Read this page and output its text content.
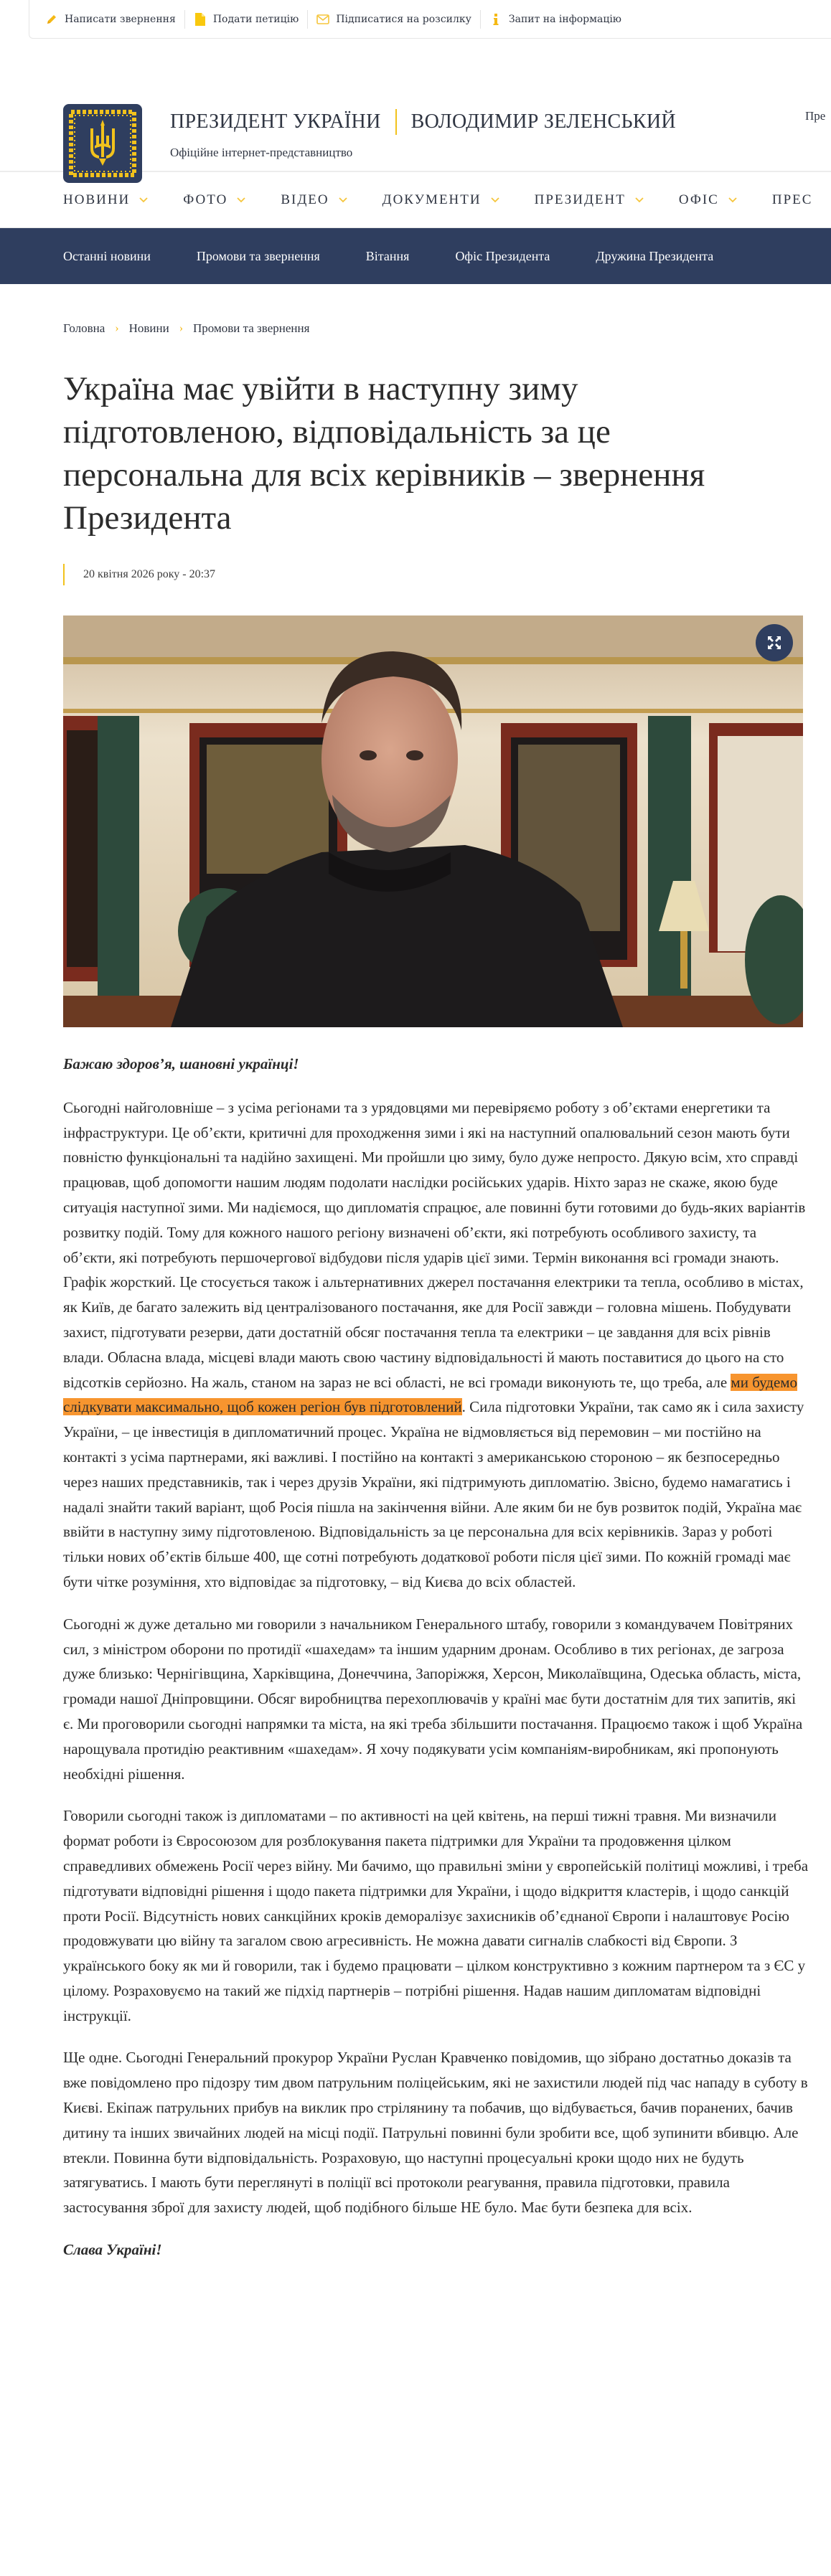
Написати звернення	Подати петицію	Підписатися на розсилку	Запит на інформацію
ПРЕЗИДЕНТ УКРАЇНИ ВОЛОДИМИР ЗЕЛЕНСЬКИЙ
Офіційне інтернет-представництво
Пре
НОВИНИ	ФОТО	ВІДЕО	ДОКУМЕНТИ	ПРЕЗИДЕНТ	ОФІС	ПРЕС
Останні новини	Промови та звернення	Вітання	Офіс Президента	Дружина Президента
Головна › Новини › Промови та звернення
Україна має увійти в наступну зиму підготовленою, відповідальність за це персональна для всіх керівників – звернення Президента
20 квітня 2026 року - 20:37

Бажаю здоров’я, шановні українці!

Сьогодні найголовніше – з усіма регіонами та з урядовцями ми перевіряємо роботу з об’єктами енергетики та інфраструктури. Це об’єкти, критичні для проходження зими і які на наступний опалювальний сезон мають бути повністю функціональні та надійно захищені. Ми пройшли цю зиму, було дуже непросто. Дякую всім, хто справді працював, щоб допомогти нашим людям подолати наслідки російських ударів. Ніхто зараз не скаже, якою буде ситуація наступної зими. Ми надіємося, що дипломатія спрацює, але повинні бути готовими до будь-яких варіантів розвитку подій. Тому для кожного нашого регіону визначені об’єкти, які потребують особливого захисту, та об’єкти, які потребують першочергової відбудови після ударів цієї зими. Термін виконання всі громади знають. Графік жорсткий. Це стосується також і альтернативних джерел постачання електрики та тепла, особливо в містах, як Київ, де багато залежить від централізованого постачання, яке для Росії завжди – головна мішень. Побудувати захист, підготувати резерви, дати достатній обсяг постачання тепла та електрики – це завдання для всіх рівнів влади. Обласна влада, місцеві влади мають свою частину відповідальності й мають поставитися до цього на сто відсотків серйозно. На жаль, станом на зараз не всі області, не всі громади виконують те, що треба, але ми будемо слідкувати максимально, щоб кожен регіон був підготовлений. Сила підготовки України, так само як і сила захисту України, – це інвестиція в дипломатичний процес. Україна не відмовляється від перемовин – ми постійно на контакті з усіма партнерами, які важливі. І постійно на контакті з американською стороною – як безпосередньо через наших представників, так і через друзів України, які підтримують дипломатію. Звісно, будемо намагатись і надалі знайти такий варіант, щоб Росія пішла на закінчення війни. Але яким би не був розвиток подій, Україна має ввійти в наступну зиму підготовленою. Відповідальність за це персональна для всіх керівників. Зараз у роботі тільки нових об’єктів більше 400, ще сотні потребують додаткової роботи після цієї зими. По кожній громаді має бути чітке розуміння, хто відповідає за підготовку, – від Києва до всіх областей.

Сьогодні ж дуже детально ми говорили з начальником Генерального штабу, говорили з командувачем Повітряних сил, з міністром оборони по протидії «шахедам» та іншим ударним дронам. Особливо в тих регіонах, де загроза дуже близько: Чернігівщина, Харківщина, Донеччина, Запоріжжя, Херсон, Миколаївщина, Одеська область, міста, громади нашої Дніпровщини. Обсяг виробництва перехоплювачів у країні має бути достатнім для тих запитів, які є. Ми проговорили сьогодні напрямки та міста, на які треба збільшити постачання. Працюємо також і щоб Україна нарощувала протидію реактивним «шахедам». Я хочу подякувати усім компаніям-виробникам, які пропонують необхідні рішення.

Говорили сьогодні також із дипломатами – по активності на цей квітень, на перші тижні травня. Ми визначили формат роботи із Євросоюзом для розблокування пакета підтримки для України та продовження цілком справедливих обмежень Росії через війну. Ми бачимо, що правильні зміни у європейській політиці можливі, і треба підготувати відповідні рішення і щодо пакета підтримки для України, і щодо відкриття кластерів, і щодо санкцій проти Росії. Відсутність нових санкційних кроків деморалізує захисників об’єднаної Європи і налаштовує Росію продовжувати цю війну та загалом свою агресивність. Не можна давати сигналів слабкості від Європи. З українського боку як ми й говорили, так і будемо працювати – цілком конструктивно з кожним партнером та з ЄС у цілому. Розраховуємо на такий же підхід партнерів – потрібні рішення. Надав нашим дипломатам відповідні інструкції.

Ще одне. Сьогодні Генеральний прокурор України Руслан Кравченко повідомив, що зібрано достатньо доказів та вже повідомлено про підозру тим двом патрульним поліцейським, які не захистили людей під час нападу в суботу в Києві. Екіпаж патрульних прибув на виклик про стрілянину та побачив, що відбувається, бачив поранених, бачив дитину та інших звичайних людей на місці події. Патрульні повинні були зробити все, щоб зупинити вбивцю. Але втекли. Повинна бути відповідальність. Розраховую, що наступні процесуальні кроки щодо них не будуть затягуватись. І мають бути переглянуті в поліції всі протоколи реагування, правила підготовки, правила застосування зброї для захисту людей, щоб подібного більше НЕ було. Має бути безпека для всіх.

Слава Україні!
